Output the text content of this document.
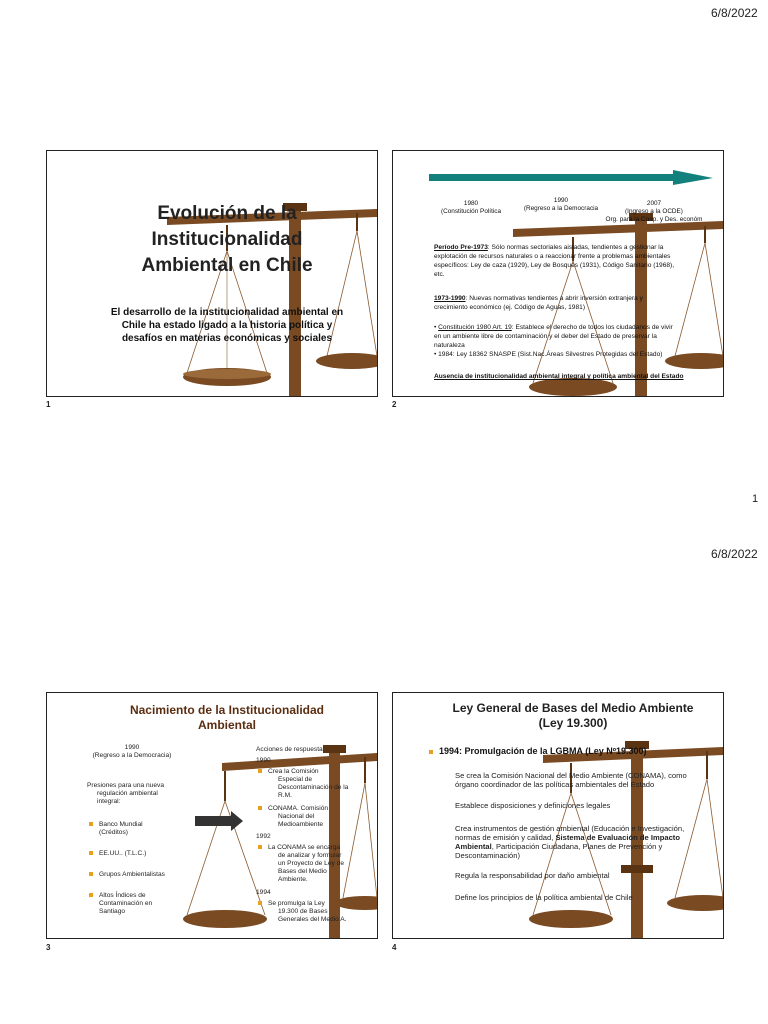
6/8/2022
1
6/8/2022
Evolución de la
Institucionalidad
Ambiental en Chile
El desarrollo de la institucionalidad ambiental en
Chile ha estado ligado a la historia política y
desafíos en materias económicas y sociales
1
1980
(Constitución Política
1990
(Regreso a la Democracia
2007
(Ingreso a la OCDE)
Org. para la Coop. y Des. económ
Período Pre-1973: Sólo normas sectoriales aisladas, tendientes a gestionar la
explotación de recursos naturales o a reaccionar frente a problemas ambientales
específicos: Ley de caza (1929), Ley de Bosques (1931), Código Sanitario (1968),
etc.
1973-1990: Nuevas normativas tendientes a abrir inversión extranjera y
crecimiento económico (ej. Código de Aguas, 1981)
• Constitución 1980 Art. 19: Establece el derecho de todos los ciudadanos de vivir
en un ambiente libre de contaminación y el deber del Estado de preservar la
naturaleza
• 1984: Ley 18362 SNASPE (Sist.Nac.Áreas Silvestres Protegidas del Estado)
Ausencia de institucionalidad ambiental integral y política ambiental del Estado
2
Nacimiento de la Institucionalidad
Ambiental
1990
(Regreso a la Democracia)
Presiones para una nueva
regulación ambiental
integral:
Banco Mundial
(Créditos)
EE.UU.. (T.L.C.)
Grupos Ambientalistas
Altos Índices de
Contaminación en
Santiago
Acciones de respuesta:
1990
Crea la Comisión
Especial de
Descontaminación de la
R.M.
CONAMA. Comisión
Nacional del
Medioambiente
1992
La CONAMA se encarga
de analizar y formular
un Proyecto de Ley de
Bases del Medio
Ambiente.
1994
Se promulga la Ley
19.300 de Bases
Generales del Medio A.
3
Ley General de Bases del Medio Ambiente
(Ley 19.300)
1994: Promulgación de la LGBMA (Ley Nº19.300)
Se crea la Comisión Nacional del Medio Ambiente (CONAMA), como
órgano coordinador de las políticas ambientales del Estado
Establece disposiciones y definiciones legales
Crea instrumentos de gestión ambiental (Educación e Investigación,
normas de emisión y calidad, Sistema de Evaluación de Impacto
Ambiental, Participación Ciudadana, Planes de Prevención y
Descontaminación)
Regula la responsabilidad por daño ambiental
Define los principios de la política ambiental de Chile
4
